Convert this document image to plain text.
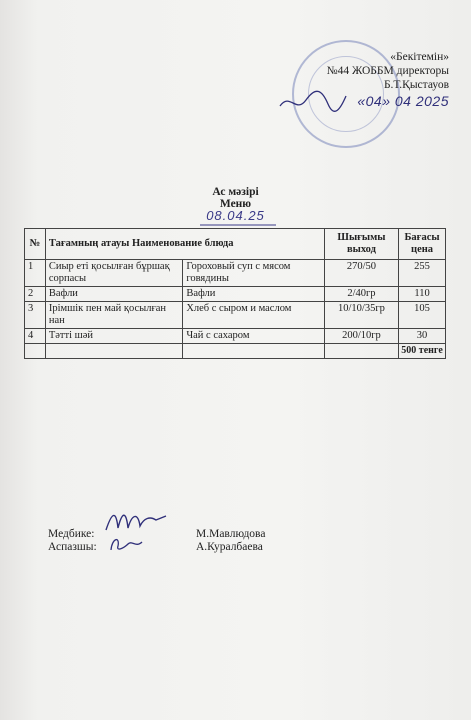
«Бекітемін»
№44 ЖОББМ директоры
Б.Т.Қыстауов
«04» 04 2025
Ас мәзірі
Меню
08.04.25
№	Тағамның атауы Наименование блюда		Шығымы выход	Бағасы цена
1	Сиыр еті қосылған бұршақ сорпасы	Гороховый суп с мясом говядины	270/50	255
2	Вафли	Вафли	2/40гр	110
3	Ірімшік пен май қосылған нан	Хлеб с сыром и маслом	10/10/35гр	105
4	Тәтті шәй	Чай с сахаром	200/10гр	30
				500 тенге
Медбике:	М.Мавлюдова
Аспазшы:	А.Куралбаева
